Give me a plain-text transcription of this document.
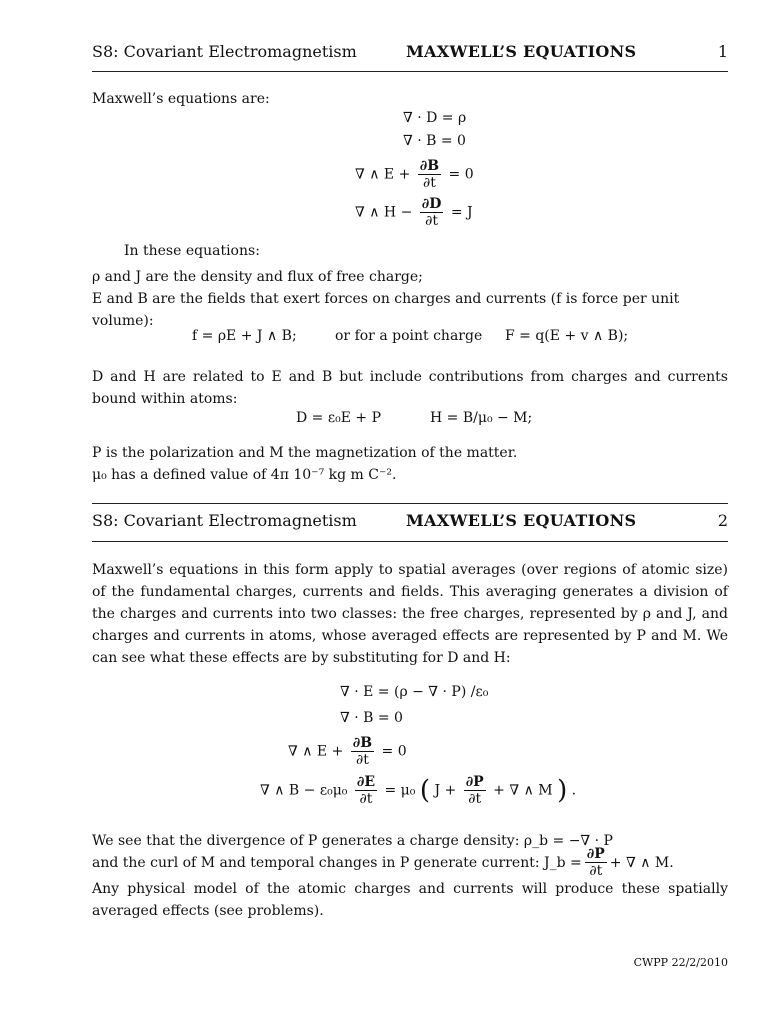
S8: Covariant Electromagnetism	MAXWELL’S EQUATIONS	1
Maxwell’s equations are:
∇ · D = ρ
∇ · B = 0
∇ ∧ $E + \frac{\partial B}{\partial t} = 0$
∇ ∧ $H - \frac{\partial D}{\partial t} = J$
In these equations:
ρ and J are the density and flux of free charge;
E and B are the fields that exert forces on charges and currents (f is force per unit volume):
f = ρE + J ∧ B;	or for a point charge F = q(E + v ∧ B);
D and H are related to E and B but include contributions from charges and currents bound within atoms:
D = ε₀E + P	H = B/μ₀ − M;
P is the polarization and M the magnetization of the matter.
μ₀ has a defined value of 4π 10⁻⁷ kg m C⁻².
S8: Covariant Electromagnetism	MAXWELL’S EQUATIONS	2
Maxwell’s equations in this form apply to spatial averages (over regions of atomic size) of the fundamental charges, currents and fields. This averaging generates a division of the charges and currents into two classes: the free charges, represented by ρ and J, and charges and currents in atoms, whose averaged effects are represented by P and M. We can see what these effects are by substituting for D and H:
∇ · E = (ρ − ∇ · P) /ε₀
∇ · B = 0
∇ ∧ $E + \frac{\partial B}{\partial t} = 0$
∇ ∧ $B - \varepsilon_0\mu_0 \frac{\partial E}{\partial t} = \mu_0$ ( $J + \frac{\partial P}{\partial t}$ + ∇ ∧ M ) .
We see that the divergence of P generates a charge density: ρ_b = −∇ · P
and the curl of M and temporal changes in P generate current:
J_b = $\frac{\partial P}{\partial t}$ + ∇ ∧ M.
Any physical model of the atomic charges and currents will produce these spatially averaged effects (see problems).
CWPP 22/2/2010
